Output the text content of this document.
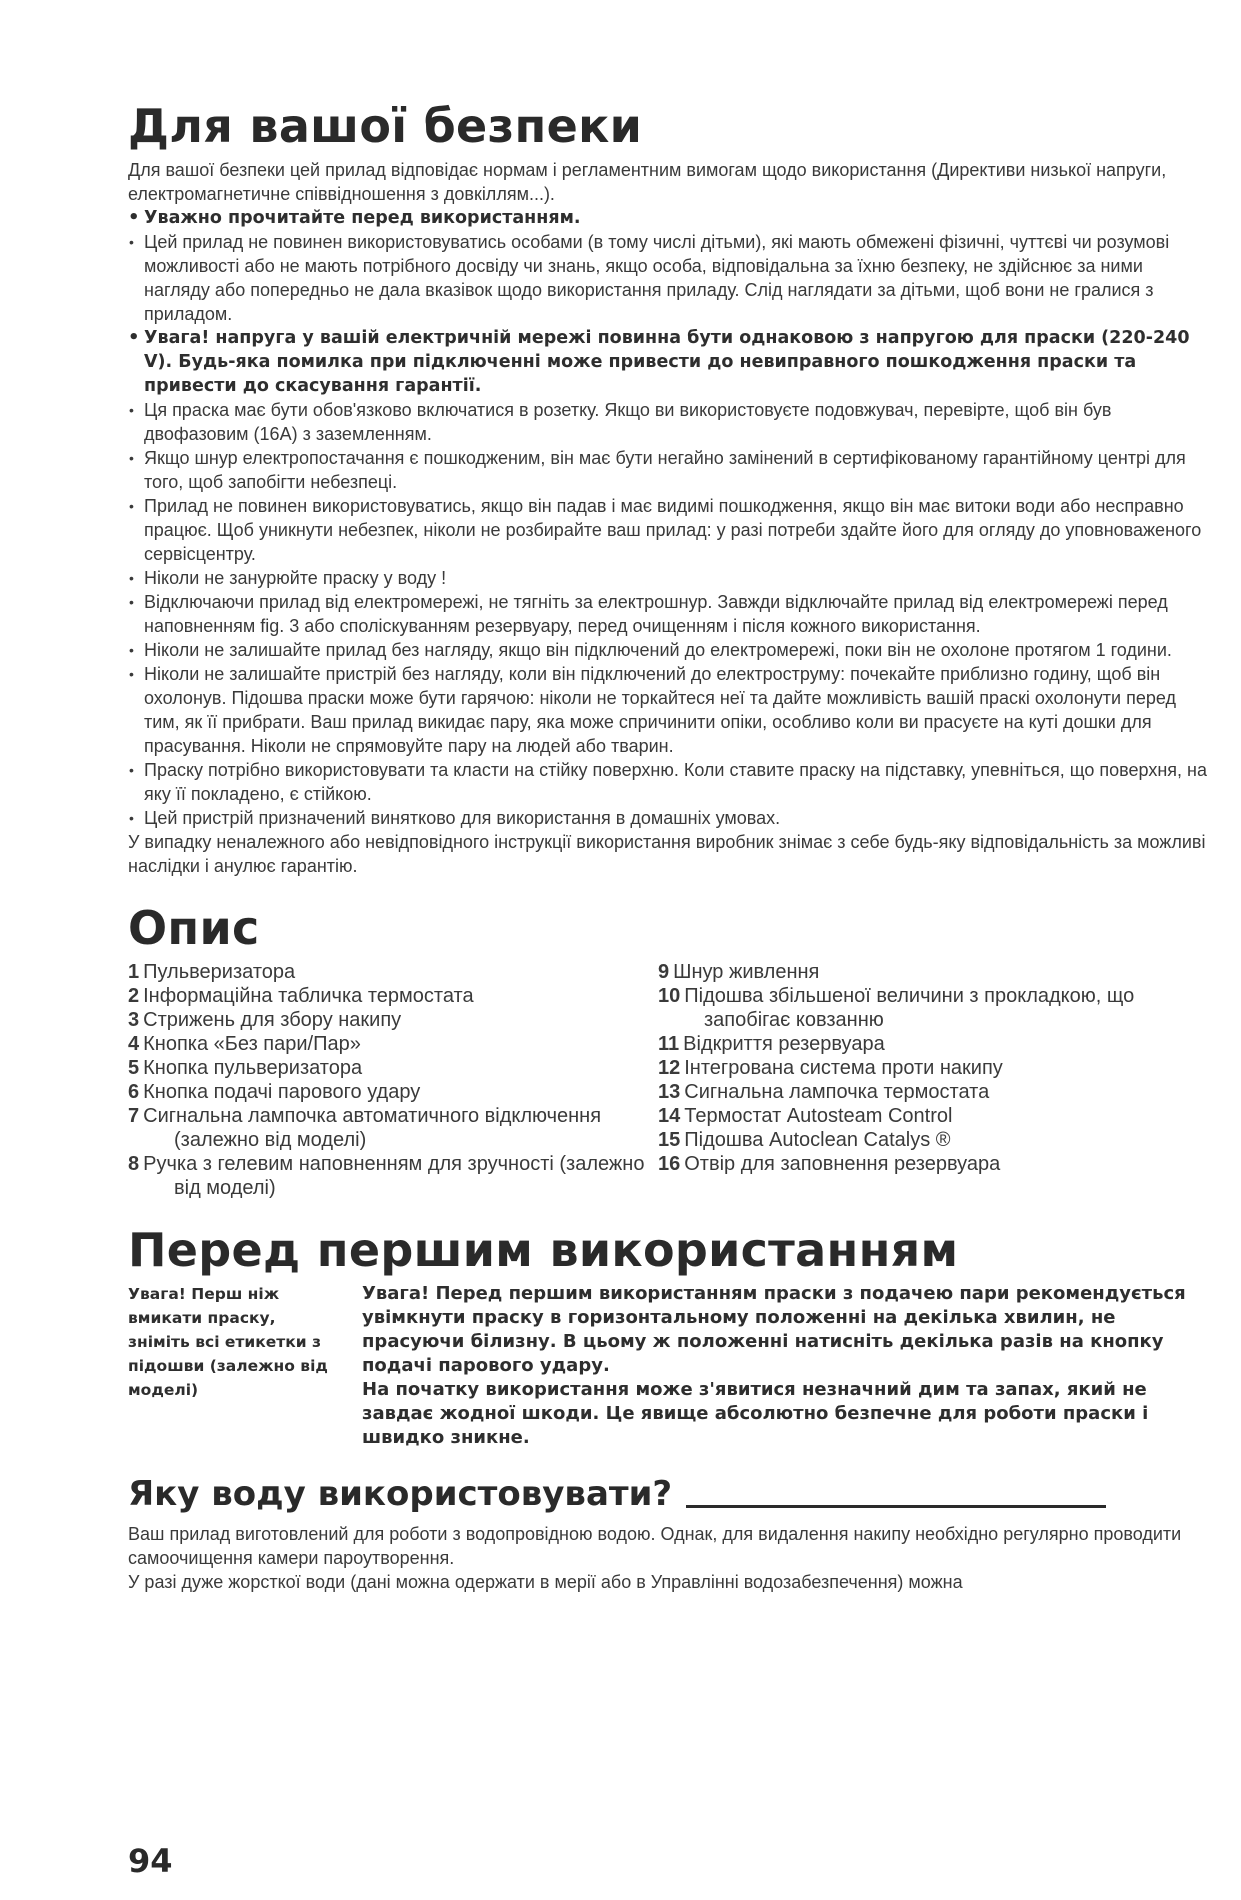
Для вашої безпеки

Для вашої безпеки цей прилад відповідає нормам і регламентним вимогам щодо використання (Директиви низької напруги, електромагнетичне співвідношення з довкіллям...).

• Уважно прочитайте перед використанням.
• Цей прилад не повинен використовуватись особами (в тому числі дітьми), які мають обмежені фізичні, чуттєві чи розумові можливості або не мають потрібного досвіду чи знань, якщо особа, відповідальна за їхню безпеку, не здійснює за ними нагляду або попередньо не дала вказівок щодо використання приладу. Слід наглядати за дітьми, щоб вони не гралися з приладом.
• Увага! напруга у вашій електричній мережі повинна бути однаковою з напругою для праски (220-240 V). Будь-яка помилка при підключенні може привести до невиправного пошкодження праски та привести до скасування гарантії.
• Ця праска має бути обов'язково включатися в розетку. Якщо ви використовуєте подовжувач, перевірте, щоб він був двофазовим (16А) з заземленням.
• Якщо шнур електропостачання є пошкодженим, він має бути негайно замінений в сертифікованому гарантійному центрі для того, щоб запобігти небезпеці.
• Прилад не повинен використовуватись, якщо він падав і має видимі пошкодження, якщо він має витоки води або несправно працює. Щоб уникнути небезпек, ніколи не розбирайте ваш прилад: у разі потреби здайте його для огляду до уповноваженого сервісцентру.
• Ніколи не занурюйте праску у воду !
• Відключаючи прилад від електромережі, не тягніть за електрошнур. Завжди відключайте прилад від електромережі перед наповненням fig. 3 або споліскуванням резервуару, перед очищенням і після кожного використання.
• Ніколи не залишайте прилад без нагляду, якщо він підключений до електромережі, поки він не охолоне протягом 1 години.
• Ніколи не залишайте пристрій без нагляду, коли він підключений до електроструму: почекайте приблизно годину, щоб він охолонув. Підошва праски може бути гарячою: ніколи не торкайтеся неї та дайте можливість вашій праскі охолонути перед тим, як її прибрати. Ваш прилад викидає пару, яка може спричинити опіки, особливо коли ви прасуєте на куті дошки для прасування. Ніколи не спрямовуйте пару на людей або тварин.
• Праску потрібно використовувати та класти на стійку поверхню. Коли ставите праску на підставку, упевніться, що поверхня, на яку її покладено, є стійкою.
• Цей пристрій призначений винятково для використання в домашніх умовах.

У випадку неналежного або невідповідного інструкції використання виробник знімає з себе будь-яку відповідальність за можливі наслідки і анулює гарантію.

Опис
1 Пульверизатора
2 Інформаційна табличка термостата
3 Стрижень для збору накипу
4 Кнопка «Без пари/Пар»
5 Кнопка пульверизатора
6 Кнопка подачі парового удару
7 Сигнальна лампочка автоматичного відключення (залежно від моделі)
8 Ручка з гелевим наповненням для зручності (залежно від моделі)
9 Шнур живлення
10 Підошва збільшеної величини з прокладкою, що запобігає ковзанню
11 Відкриття резервуара
12 Інтегрована система проти накипу
13 Сигнальна лампочка термостата
14 Термостат Autosteam Control
15 Підошва Autoclean Catalys ®
16 Отвір для заповнення резервуара
Перед першим використанням
Увага! Перш ніж вмикати праску, зніміть всі етикетки з підошви (залежно від моделі)

Увага! Перед першим використанням праски з подачею пари рекомендується увімкнути праску в горизонтальному положенні на декілька хвилин, не прасуючи білизну. В цьому ж положенні натисніть декілька разів на кнопку подачі парового удару.

На початку використання може з'явитися незначний дим та запах, який не завдає жодної шкоди. Це явище абсолютно безпечне для роботи праски і швидко зникне.

Яку воду використовувати?

Ваш прилад виготовлений для роботи з водопровідною водою. Однак, для видалення накипу необхідно регулярно проводити самоочищення камери пароутворення.

У разі дуже жорсткої води (дані можна одержати в мерії або в Управлінні водозабезпечення) можна

94
